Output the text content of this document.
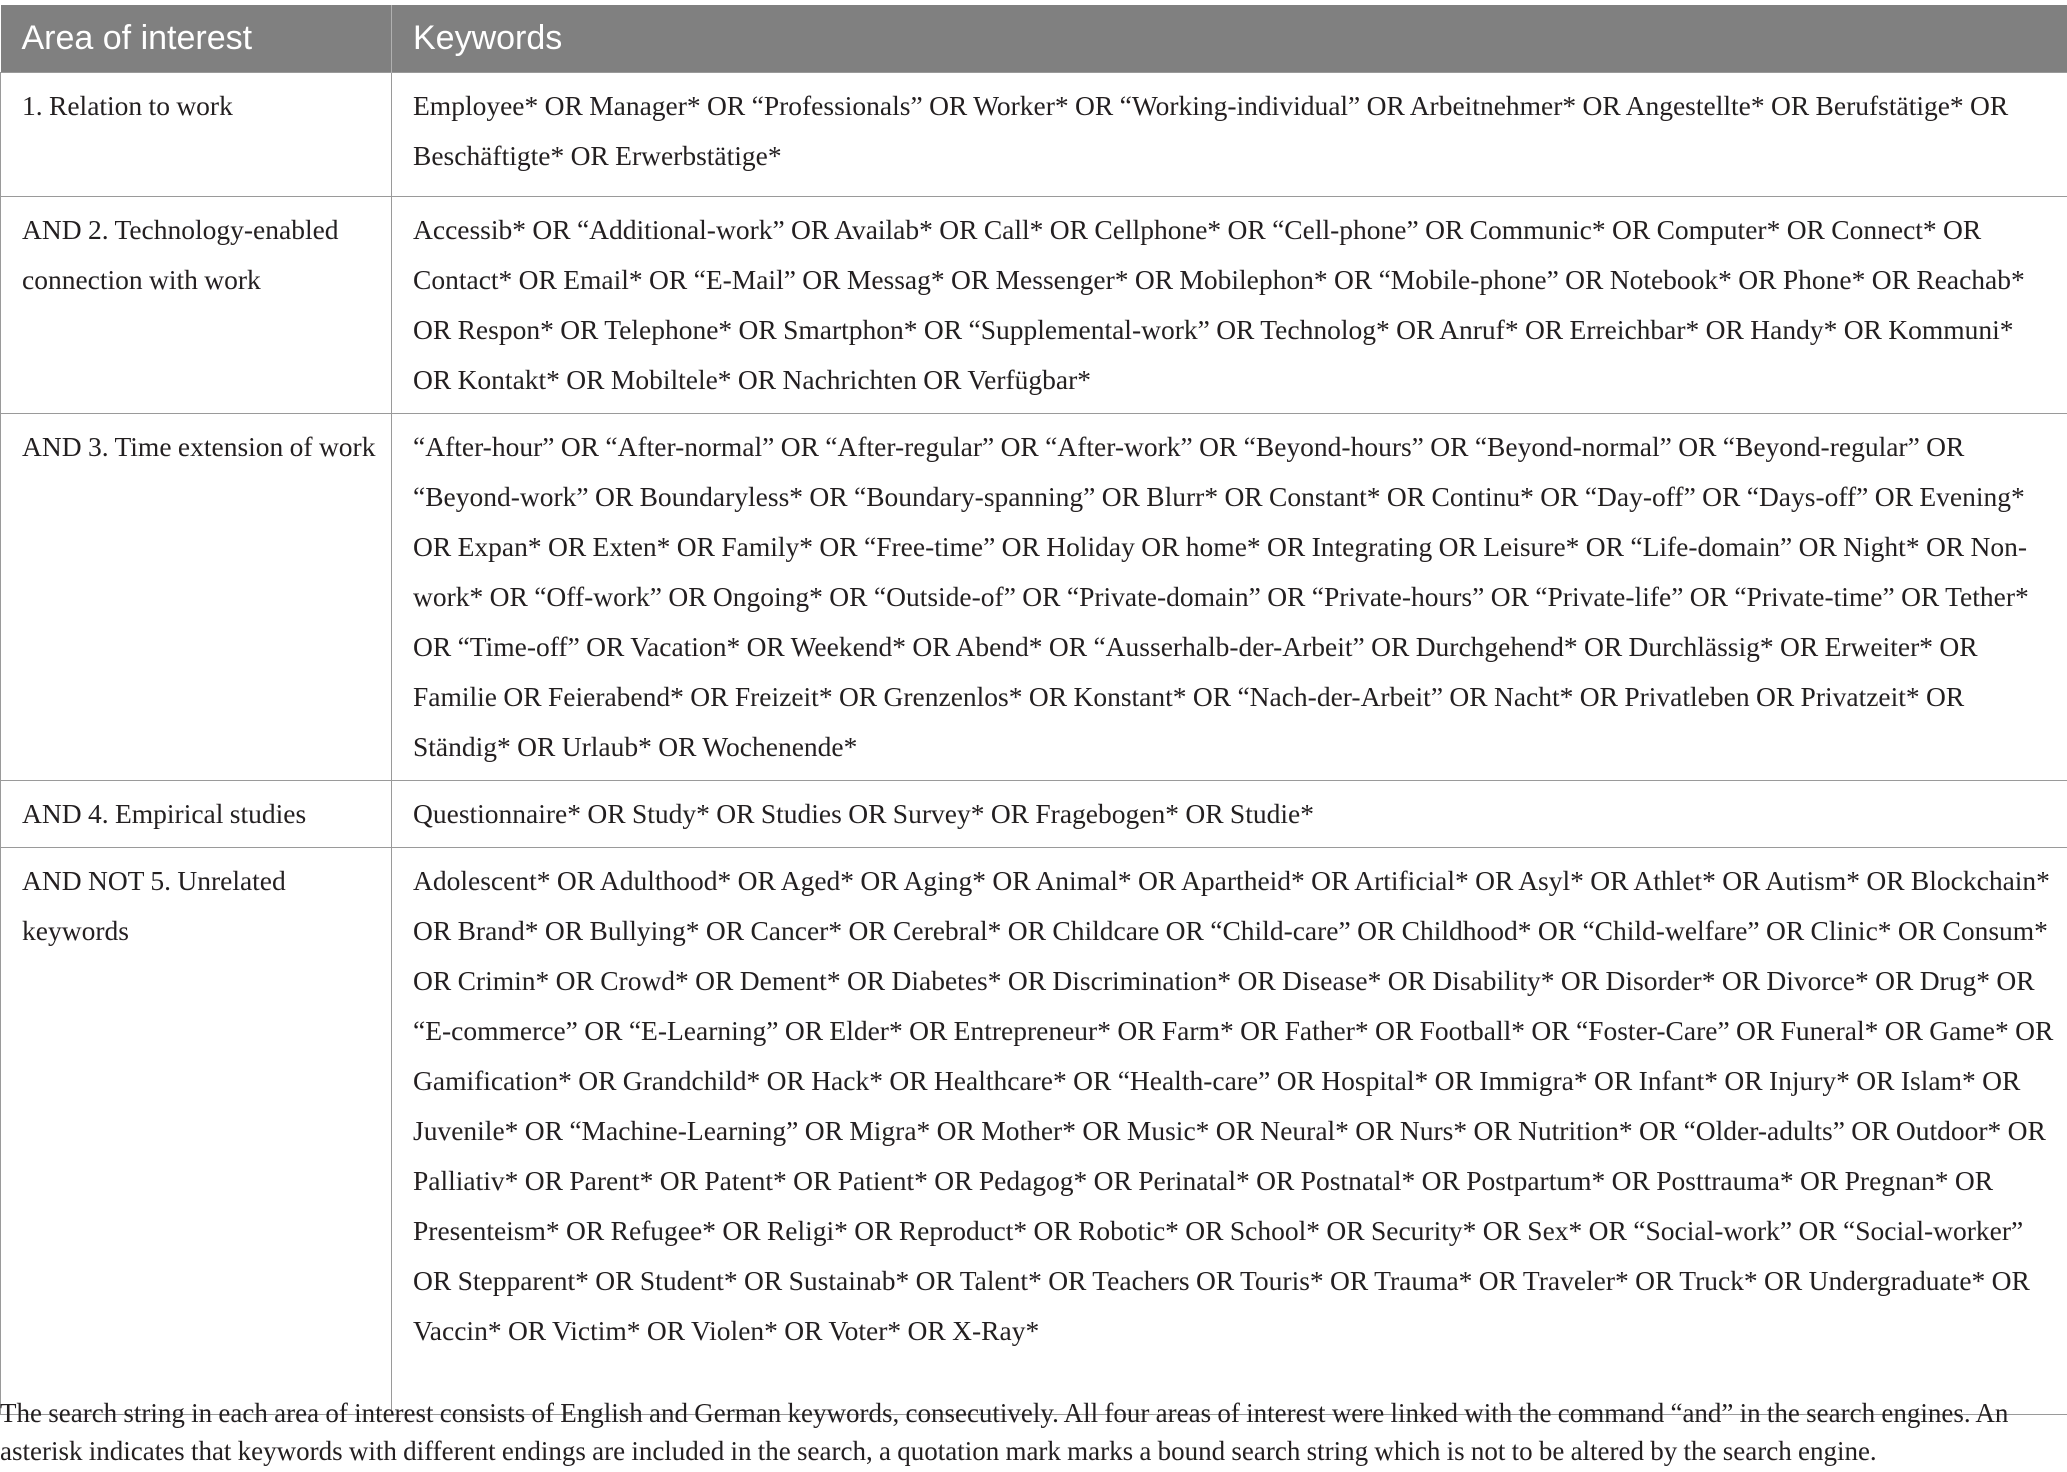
Area of interest	Keywords
1. Relation to work	Employee* OR Manager* OR “Professionals” OR Worker* OR “Working-individual” OR Arbeitnehmer* OR Angestellte* OR Berufstätige* OR Beschäftigte* OR Erwerbstätige*
AND 2. Technology-enabled connection with work	Accessib* OR “Additional-work” OR Availab* OR Call* OR Cellphone* OR “Cell-phone” OR Communic* OR Computer* OR Connect* OR Contact* OR Email* OR “E-Mail” OR Messag* OR Messenger* OR Mobilephon* OR “Mobile-phone” OR Notebook* OR Phone* OR Reachab* OR Respon* OR Telephone* OR Smartphon* OR “Supplemental-work” OR Technolog* OR Anruf* OR Erreichbar* OR Handy* OR Kommuni* OR Kontakt* OR Mobiltele* OR Nachrichten OR Verfügbar*
AND 3. Time extension of work	“After-hour” OR “After-normal” OR “After-regular” OR “After-work” OR “Beyond-hours” OR “Beyond-normal” OR “Beyond-regular” OR “Beyond-work” OR Boundaryless* OR “Boundary-spanning” OR Blurr* OR Constant* OR Continu* OR “Day-off” OR “Days-off” OR Evening* OR Expan* OR Exten* OR Family* OR “Free-time” OR Holiday OR home* OR Integrating OR Leisure* OR “Life-domain” OR Night* OR Non-work* OR “Off-work” OR Ongoing* OR “Outside-of” OR “Private-domain” OR “Private-hours” OR “Private-life” OR “Private-time” OR Tether* OR “Time-off” OR Vacation* OR Weekend* OR Abend* OR “Ausserhalb-der-Arbeit” OR Durchgehend* OR Durchlässig* OR Erweiter* OR Familie OR Feierabend* OR Freizeit* OR Grenzenlos* OR Konstant* OR “Nach-der-Arbeit” OR Nacht* OR Privatleben OR Privatzeit* OR Ständig* OR Urlaub* OR Wochenende*
AND 4. Empirical studies	Questionnaire* OR Study* OR Studies OR Survey* OR Fragebogen* OR Studie*
AND NOT 5. Unrelated keywords	Adolescent* OR Adulthood* OR Aged* OR Aging* OR Animal* OR Apartheid* OR Artificial* OR Asyl* OR Athlet* OR Autism* OR Blockchain* OR Brand* OR Bullying* OR Cancer* OR Cerebral* OR Childcare OR “Child-care” OR Childhood* OR “Child-welfare” OR Clinic* OR Consum* OR Crimin* OR Crowd* OR Dement* OR Diabetes* OR Discrimination* OR Disease* OR Disability* OR Disorder* OR Divorce* OR Drug* OR “E-commerce” OR “E-Learning” OR Elder* OR Entrepreneur* OR Farm* OR Father* OR Football* OR “Foster-Care” OR Funeral* OR Game* OR Gamification* OR Grandchild* OR Hack* OR Healthcare* OR “Health-care” OR Hospital* OR Immigra* OR Infant* OR Injury* OR Islam* OR Juvenile* OR “Machine-Learning” OR Migra* OR Mother* OR Music* OR Neural* OR Nurs* OR Nutrition* OR “Older-adults” OR Outdoor* OR Palliativ* OR Parent* OR Patent* OR Patient* OR Pedagog* OR Perinatal* OR Postnatal* OR Postpartum* OR Posttrauma* OR Pregnan* OR Presenteism* OR Refugee* OR Religi* OR Reproduct* OR Robotic* OR School* OR Security* OR Sex* OR “Social-work” OR “Social-worker” OR Stepparent* OR Student* OR Sustainab* OR Talent* OR Teachers OR Touris* OR Trauma* OR Traveler* OR Truck* OR Undergraduate* OR Vaccin* OR Victim* OR Violen* OR Voter* OR X-Ray*

The search string in each area of interest consists of English and German keywords, consecutively. All four areas of interest were linked with the command “and” in the search engines. An asterisk indicates that keywords with different endings are included in the search, a quotation mark marks a bound search string which is not to be altered by the search engine.
